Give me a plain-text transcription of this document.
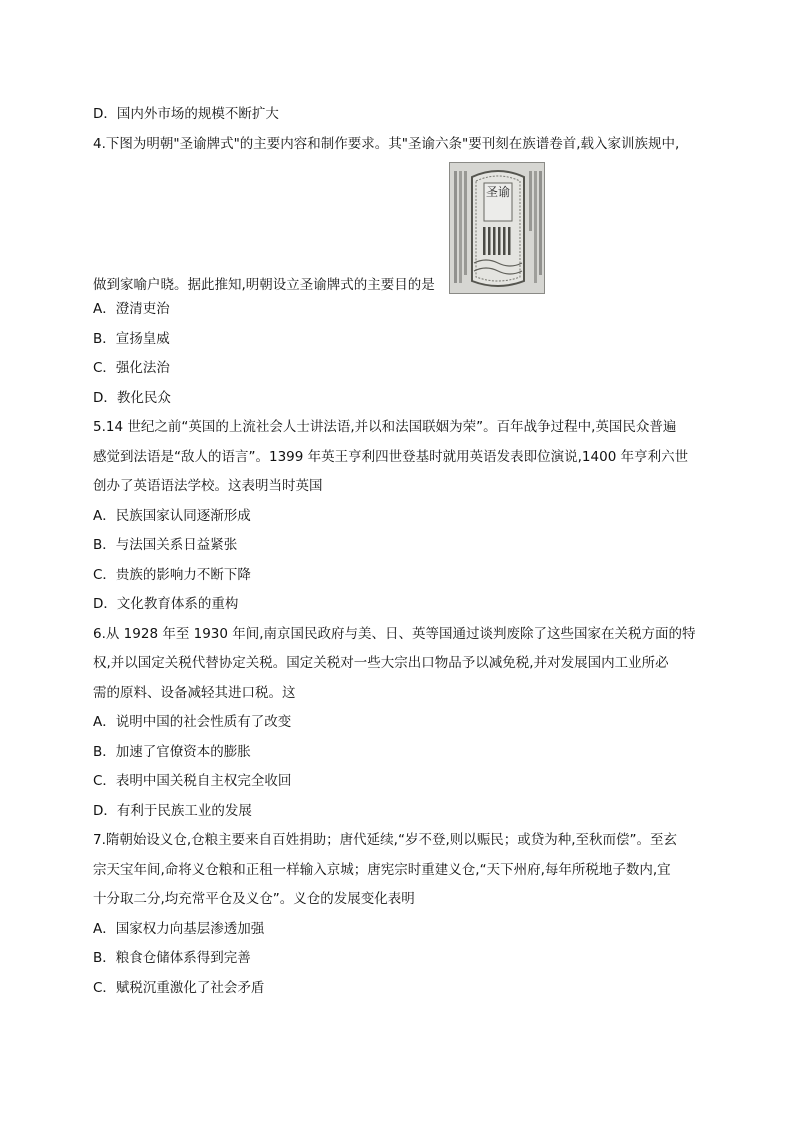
D．国内外市场的规模不断扩大
4.下图为明朝"圣谕牌式"的主要内容和制作要求。其"圣谕六条"要刊刻在族谱卷首,载入家训族规中,
做到家喻户晓。据此推知,明朝设立圣谕牌式的主要目的是
圣谕
A．澄清吏治
B．宣扬皇威
C．强化法治
D．教化民众
5.14 世纪之前“英国的上流社会人士讲法语,并以和法国联姻为荣”。百年战争过程中,英国民众普遍
感觉到法语是“敌人的语言”。1399 年英王亨利四世登基时就用英语发表即位演说,1400 年亨利六世
创办了英语语法学校。这表明当时英国
A．民族国家认同逐渐形成
B．与法国关系日益紧张
C．贵族的影响力不断下降
D．文化教育体系的重构
6.从 1928 年至 1930 年间,南京国民政府与美、日、英等国通过谈判废除了这些国家在关税方面的特
权,并以国定关税代替协定关税。国定关税对一些大宗出口物品予以减免税,并对发展国内工业所必
需的原料、设备减轻其进口税。这
A．说明中国的社会性质有了改变
B．加速了官僚资本的膨胀
C．表明中国关税自主权完全收回
D．有利于民族工业的发展
7.隋朝始设义仓,仓粮主要来自百姓捐助；唐代延续,“岁不登,则以赈民；或贷为种,至秋而偿”。至玄
宗天宝年间,命将义仓粮和正租一样输入京城；唐宪宗时重建义仓,“天下州府,每年所税地子数内,宜
十分取二分,均充常平仓及义仓”。义仓的发展变化表明
A．国家权力向基层渗透加强
B．粮食仓储体系得到完善
C．赋税沉重激化了社会矛盾
